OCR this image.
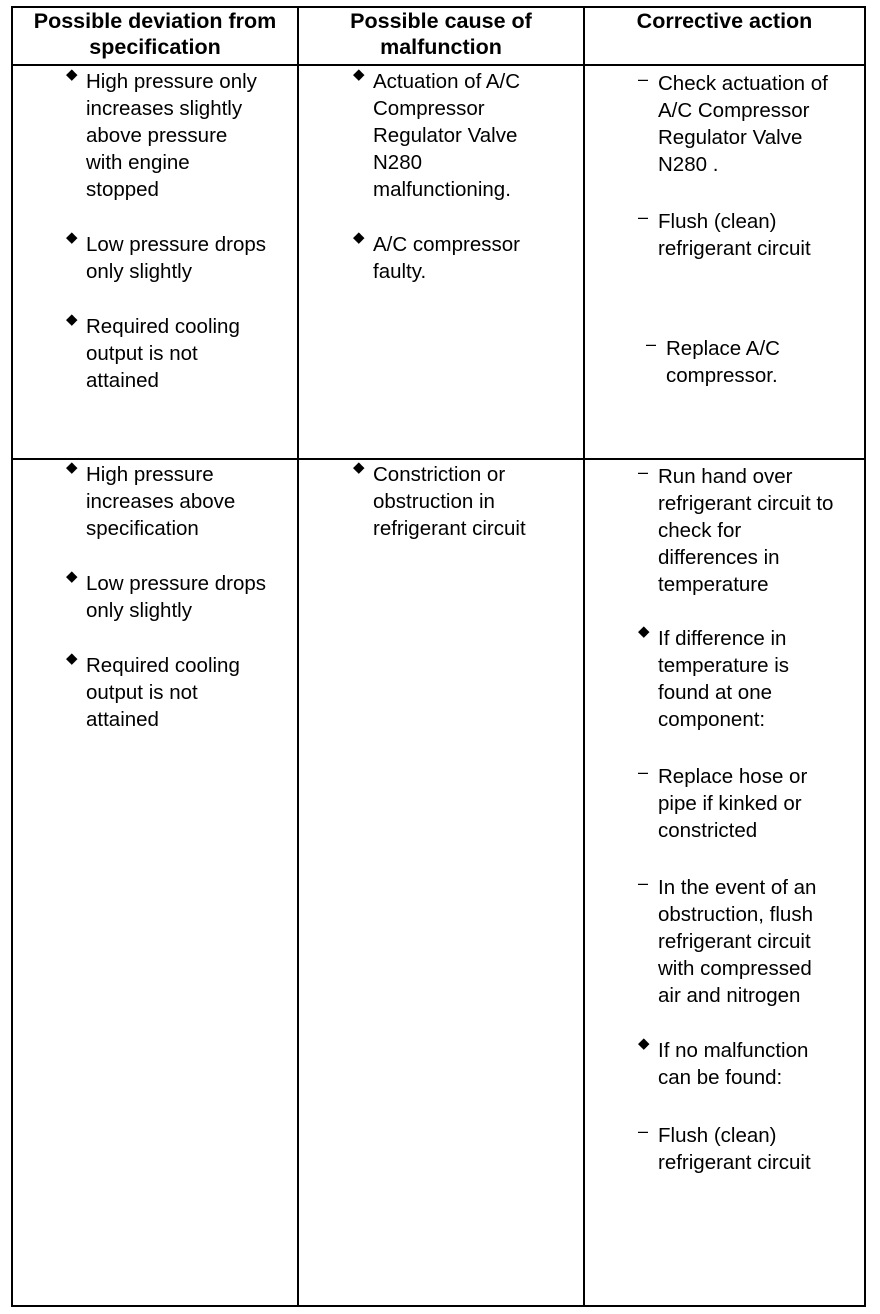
Possible deviation from
specification
Possible cause of
malfunction
Corrective action
◆ High pressure only
increases slightly
above pressure
with engine
stopped
◆ Low pressure drops
only slightly
◆ Required cooling
output is not
attained
◆ Actuation of A/C
Compressor
Regulator Valve
N280
malfunctioning.
◆ A/C compressor
faulty.
– Check actuation of
A/C Compressor
Regulator Valve
N280 .
– Flush (clean)
refrigerant circuit
– Replace A/C
compressor.
◆ High pressure
increases above
specification
◆ Low pressure drops
only slightly
◆ Required cooling
output is not
attained
◆ Constriction or
obstruction in
refrigerant circuit
– Run hand over
refrigerant circuit to
check for
differences in
temperature
◆ If difference in
temperature is
found at one
component:
– Replace hose or
pipe if kinked or
constricted
– In the event of an
obstruction, flush
refrigerant circuit
with compressed
air and nitrogen
◆ If no malfunction
can be found:
– Flush (clean)
refrigerant circuit
